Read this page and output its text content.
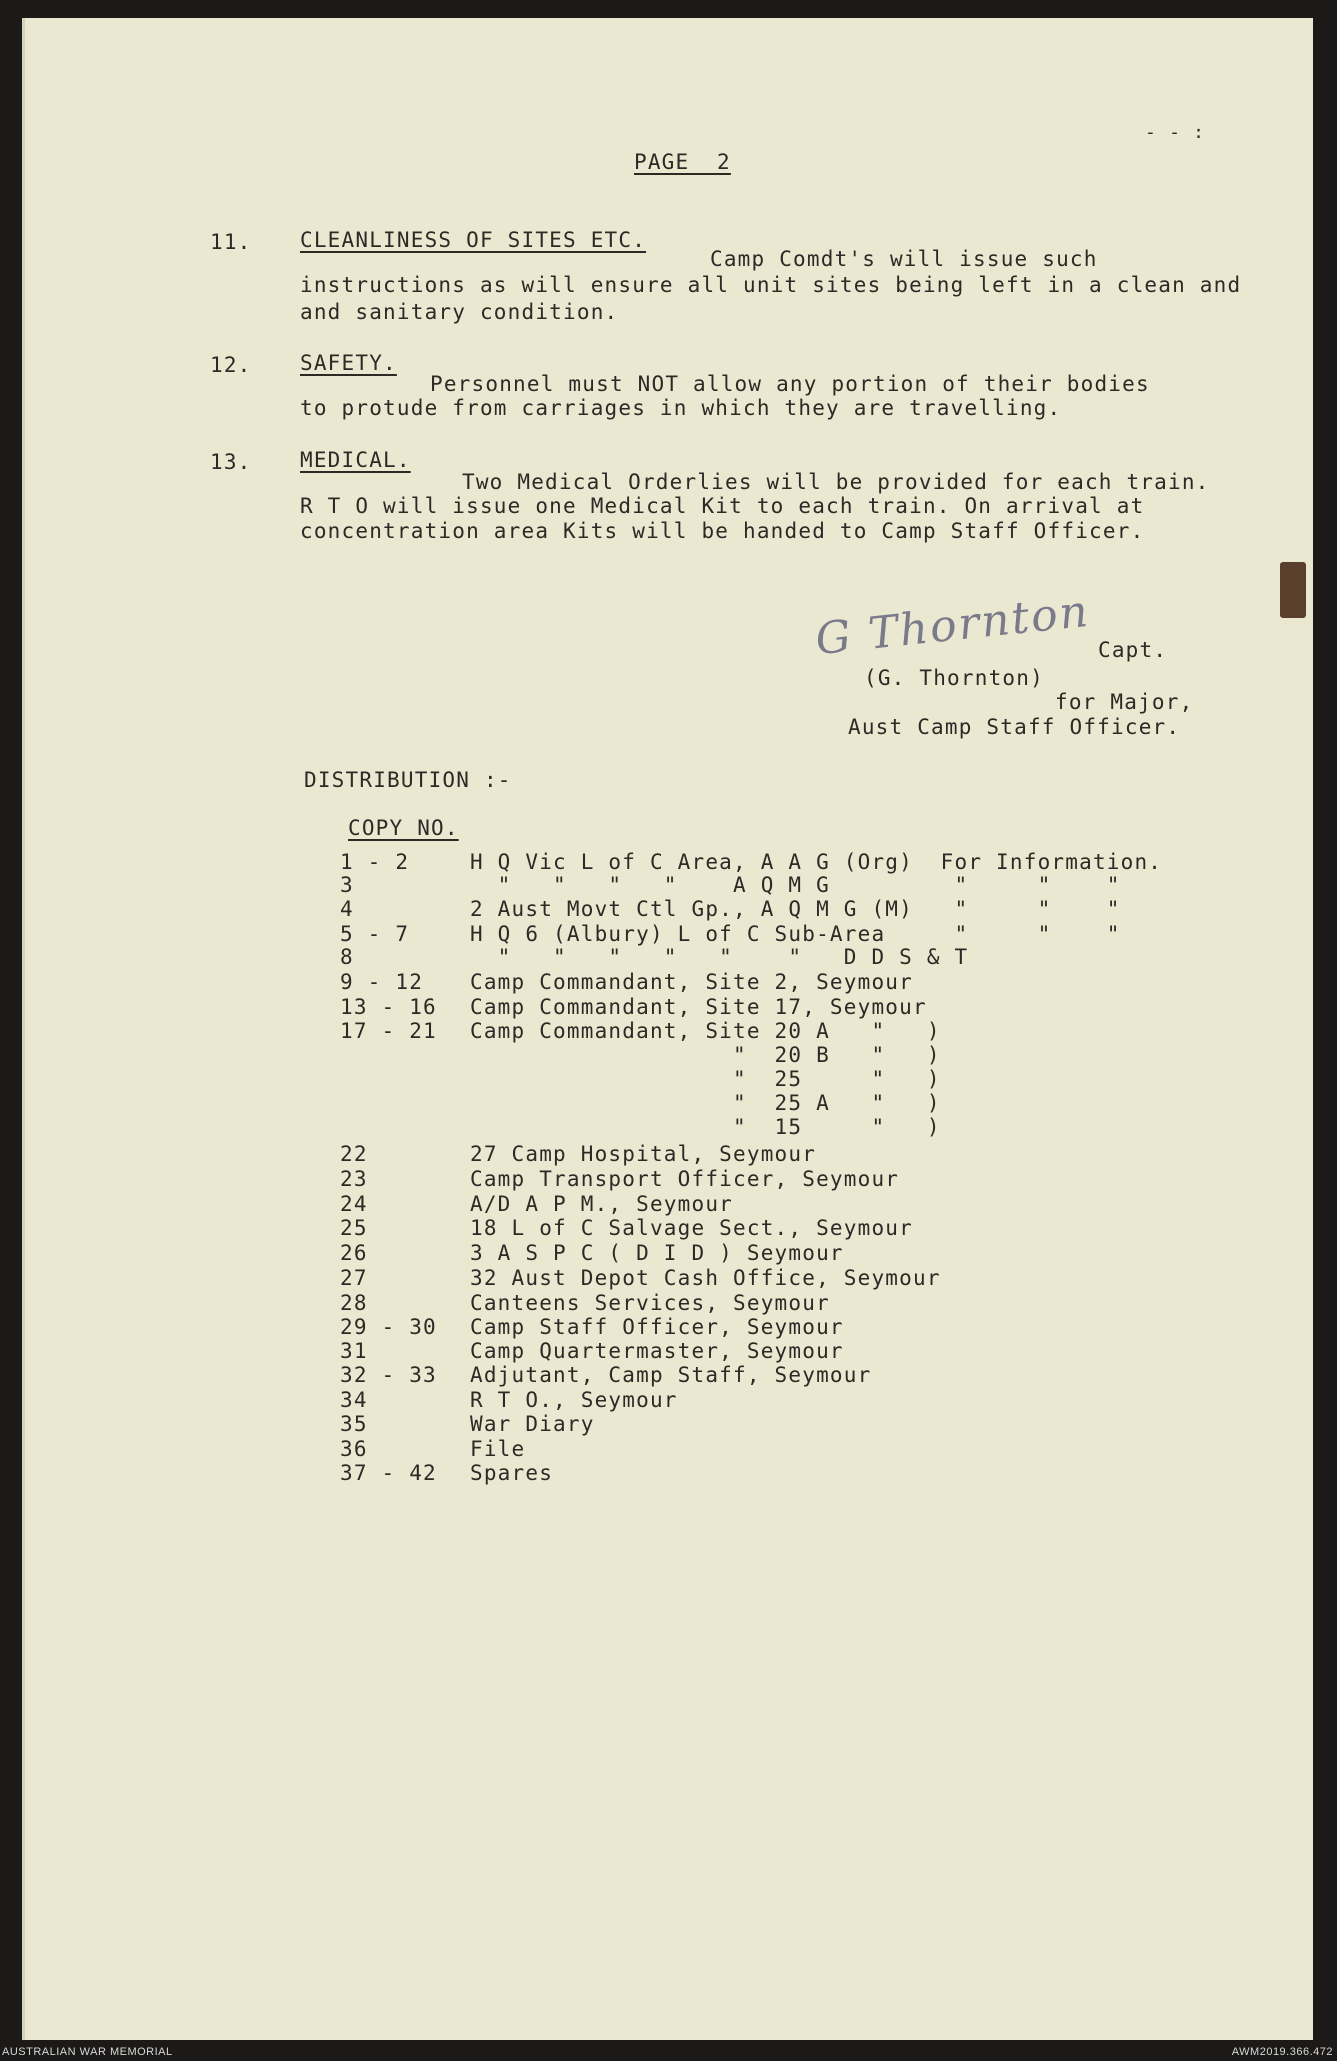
PAGE  2
- - :
11. CLEANLINESS OF SITES ETC.
Camp Comdt's will issue such
instructions as will ensure all unit sites being left in a clean and
and sanitary condition.
12. SAFETY.
Personnel must NOT allow any portion of their bodies
to protude from carriages in which they are travelling.
13. MEDICAL.
Two Medical Orderlies will be provided for each train.
R T O will issue one Medical Kit to each train. On arrival at
concentration area Kits will be handed to Camp Staff Officer.
G Thornton Capt.
(G. Thornton)
for Major,
Aust Camp Staff Officer.
DISTRIBUTION :-
COPY NO.
1 - 2	H Q Vic L of C Area, A A G (Org)  For Information.
3	"   "   "   "    A Q M G         "     "    "
4	2 Aust Movt Ctl Gp., A Q M G (M)   "     "    "
5 - 7	H Q 6 (Albury) L of C Sub-Area     "     "    "
8	"   "   "   "   "    "   D D S & T
9 - 12 Camp Commandant, Site 2, Seymour
13 - 16 Camp Commandant, Site 17, Seymour
17 - 21 Camp Commandant, Site 20 A   "   )
"  20 B   "   )
"  25     "   )
"  25 A   "   )
"  15     "   )
22	27 Camp Hospital, Seymour
23	Camp Transport Officer, Seymour
24	A/D A P M., Seymour
25	18 L of C Salvage Sect., Seymour
26	3 A S P C ( D I D ) Seymour
27	32 Aust Depot Cash Office, Seymour
28	Canteens Services, Seymour
29 - 30 Camp Staff Officer, Seymour
31	Camp Quartermaster, Seymour
32 - 33 Adjutant, Camp Staff, Seymour
34	R T O., Seymour
35	War Diary
36	File
37 - 42 Spares
AUSTRALIAN WAR MEMORIAL	AWM2019.366.472
